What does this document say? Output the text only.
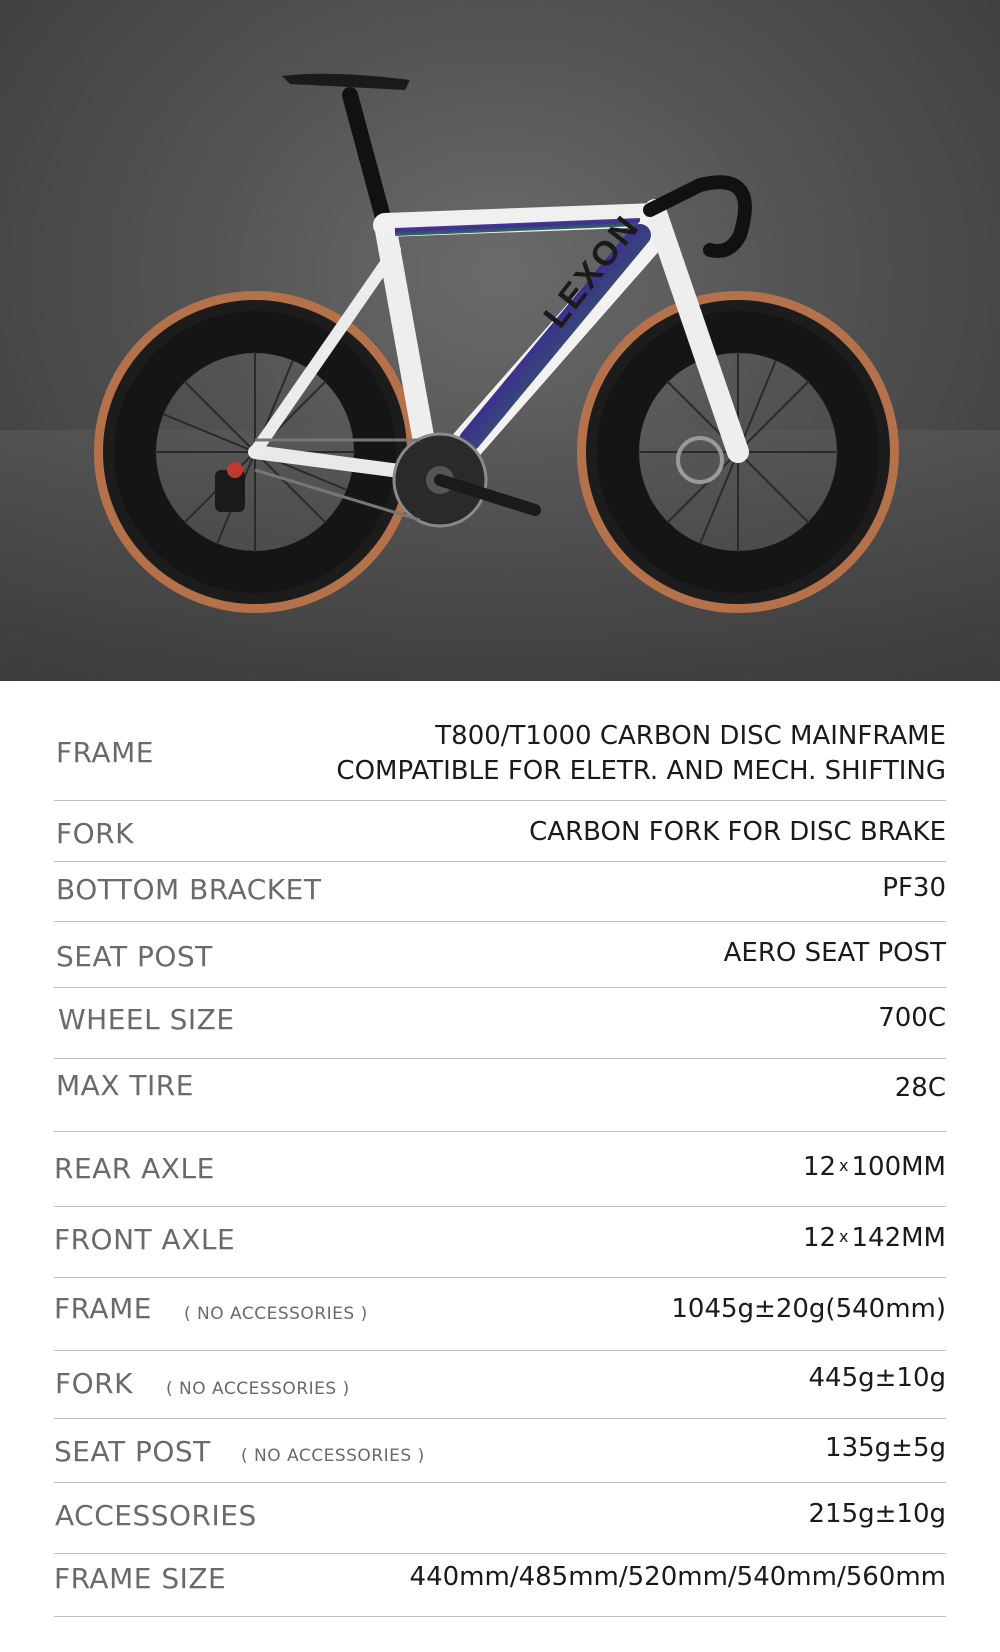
LEXON
FRAME	T800/T1000 CARBON DISC MAINFRAME
COMPATIBLE FOR ELETR. AND MECH. SHIFTING
FORK	CARBON FORK FOR DISC BRAKE
BOTTOM BRACKET	PF30
SEAT POST	AERO SEAT POST
WHEEL SIZE	700C
MAX TIRE	28C
REAR AXLE	12 x 100MM
FRONT AXLE	12 x 142MM
FRAME ( NO ACCESSORIES )	1045g±20g(540mm)
FORK ( NO ACCESSORIES )	445g±10g
SEAT POST ( NO ACCESSORIES )	135g±5g
ACCESSORIES	215g±10g
FRAME SIZE	440mm/485mm/520mm/540mm/560mm
